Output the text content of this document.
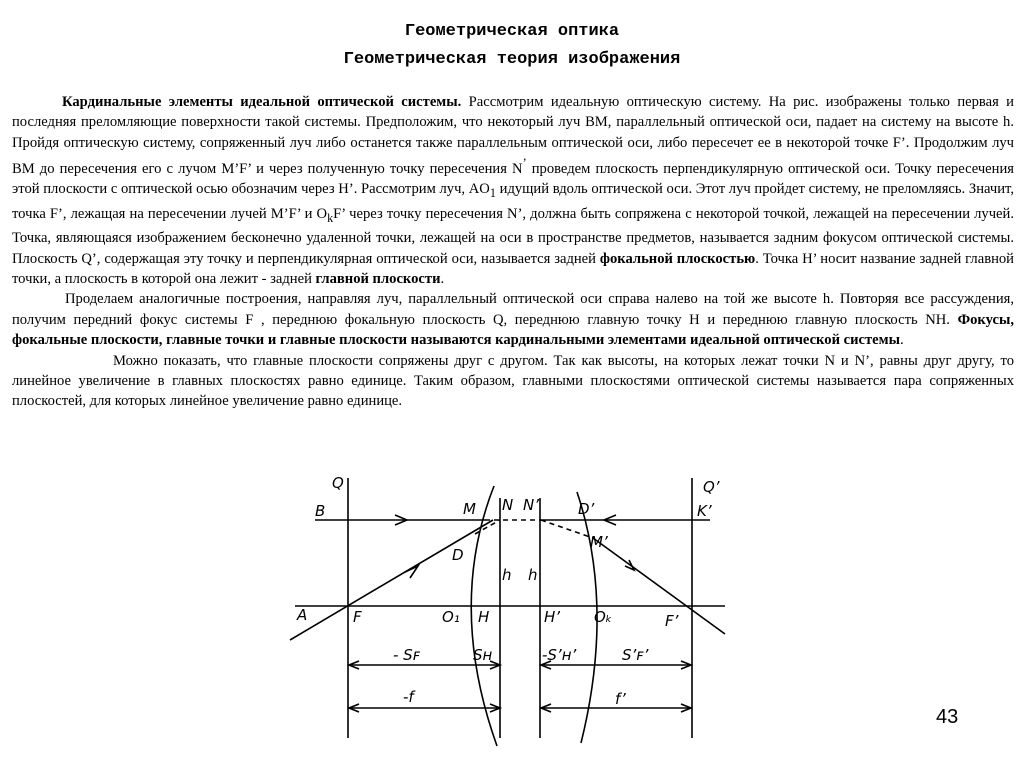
Геометрическая оптика
Геометрическая теория изображения

Кардинальные элементы идеальной оптической системы. Рассмотрим идеальную оптическую систему. На рис. изображены только первая и последняя преломляющие поверхности такой системы. Предположим, что некоторый луч BM, параллельный оптической оси, падает на систему на высоте h. Пройдя оптическую систему, сопряженный луч либо останется также параллельным оптической оси, либо пересечет ее в некоторой точке F’. Продолжим луч BM до пересечения его с лучом M’F’ и через полученную точку пересечения N’ проведем плоскость перпендикулярную оптической оси. Точку пересечения этой плоскости с оптической осью обозначим через H’. Рассмотрим луч, $AO_1$ идущий вдоль оптической оси. Этот луч пройдет систему, не преломляясь. Значит, точка F’, лежащая на пересечении лучей M’F’ и $O_kF$’ через точку пересечения N’, должна быть сопряжена с некоторой точкой, лежащей на пересечении лучей. Точка, являющаяся изображением бесконечно удаленной точки, лежащей на оси в пространстве предметов, называется задним фокусом оптической системы. Плоскость Q’, содержащая эту точку и перпендикулярная оптической оси, называется задней фокальной плоскостью. Точка H’ носит название задней главной точки, а плоскость в которой она лежит - задней главной плоскости.

Проделаем аналогичные построения, направляя луч, параллельный оптической оси справа налево на той же высоте h. Повторяя все рассуждения, получим передний фокус системы F , переднюю фокальную плоскость Q, переднюю главную точку H и переднюю главную плоскость NH. Фокусы, фокальные плоскости, главные точки и главные плоскости называются кардинальными элементами идеальной оптической системы.

Можно показать, что главные плоскости сопряжены друг с другом. Так как высоты, на которых лежат точки N и N’, равны друг другу, то линейное увеличение в главных плоскостях равно единице. Таким образом, главными плоскостями оптической системы называется пара сопряженных плоскостей, для которых линейное увеличение равно единице.

Q	Q’
B	K’
M N N’	D’
M’
D
h h
A	F	O₁ H	H’ Oₖ	F’
- Sꜰ	Sʜ	-S’ʜ’	S’ꜰ’
-f	f’
43
